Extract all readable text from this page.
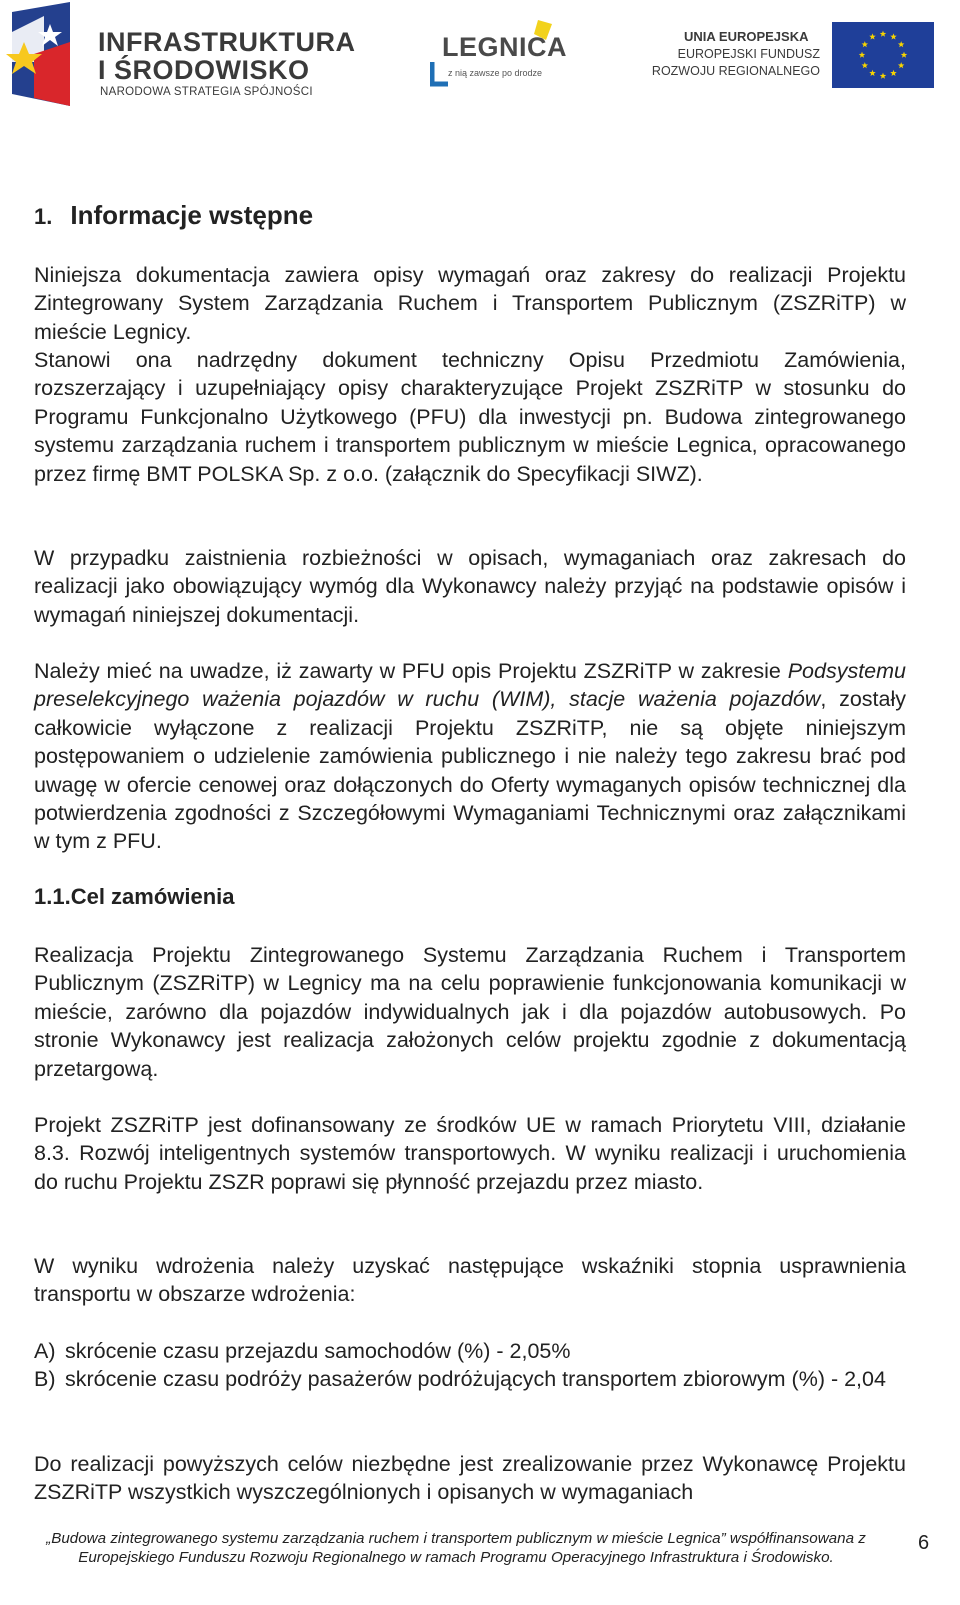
INFRASTRUKTURA
I ŚRODOWISKO
NARODOWA STRATEGIA SPÓJNOŚCI
LEGNICA
z nią zawsze po drodze
UNIA EUROPEJSKA
EUROPEJSKI FUNDUSZ
ROZWOJU REGIONALNEGO
1. Informacje wstępne

Niniejsza dokumentacja zawiera opisy wymagań oraz zakresy do realizacji Projektu Zintegrowany System Zarządzania Ruchem i Transportem Publicznym (ZSZRiTP) w mieście Legnicy.

Stanowi ona nadrzędny dokument techniczny Opisu Przedmiotu Zamówienia, rozszerzający i uzupełniający opisy charakteryzujące Projekt ZSZRiTP w stosunku do Programu Funkcjonalno Użytkowego (PFU) dla inwestycji pn. Budowa zintegrowanego systemu zarządzania ruchem i transportem publicznym w mieście Legnica, opracowanego przez firmę BMT POLSKA Sp. z o.o. (załącznik do Specyfikacji SIWZ).

W przypadku zaistnienia rozbieżności w opisach, wymaganiach oraz zakresach do realizacji jako obowiązujący wymóg dla Wykonawcy należy przyjąć na podstawie opisów i wymagań niniejszej dokumentacji.

Należy mieć na uwadze, iż zawarty w PFU opis Projektu ZSZRiTP w zakresie Podsystemu preselekcyjnego ważenia pojazdów w ruchu (WIM), stacje ważenia pojazdów, zostały całkowicie wyłączone z realizacji Projektu ZSZRiTP, nie są objęte niniejszym postępowaniem o udzielenie zamówienia publicznego i nie należy tego zakresu brać pod uwagę w ofercie cenowej oraz dołączonych do Oferty wymaganych opisów technicznej dla potwierdzenia zgodności z Szczegółowymi Wymaganiami Technicznymi oraz załącznikami w tym z PFU.

1.1.Cel zamówienia

Realizacja Projektu Zintegrowanego Systemu Zarządzania Ruchem i Transportem Publicznym (ZSZRiTP) w Legnicy ma na celu poprawienie funkcjonowania komunikacji w mieście, zarówno dla pojazdów indywidualnych jak i dla pojazdów autobusowych. Po stronie Wykonawcy jest realizacja założonych celów projektu zgodnie z dokumentacją przetargową.

Projekt ZSZRiTP jest dofinansowany ze środków UE w ramach Priorytetu VIII, działanie 8.3. Rozwój inteligentnych systemów transportowych. W wyniku realizacji i uruchomienia do ruchu Projektu ZSZR poprawi się płynność przejazdu przez miasto.

W wyniku wdrożenia należy uzyskać następujące wskaźniki stopnia usprawnienia transportu w obszarze wdrożenia:

A) skrócenie czasu przejazdu samochodów (%) - 2,05%
B) skrócenie czasu podróży pasażerów podróżujących transportem zbiorowym (%) - 2,04

Do realizacji powyższych celów niezbędne jest zrealizowanie przez Wykonawcę Projektu ZSZRiTP wszystkich wyszczególnionych i opisanych w wymaganiach

„Budowa zintegrowanego systemu zarządzania ruchem i transportem publicznym w mieście Legnica” współfinansowana z
Europejskiego Funduszu Rozwoju Regionalnego w ramach Programu Operacyjnego Infrastruktura i Środowisko.
6
